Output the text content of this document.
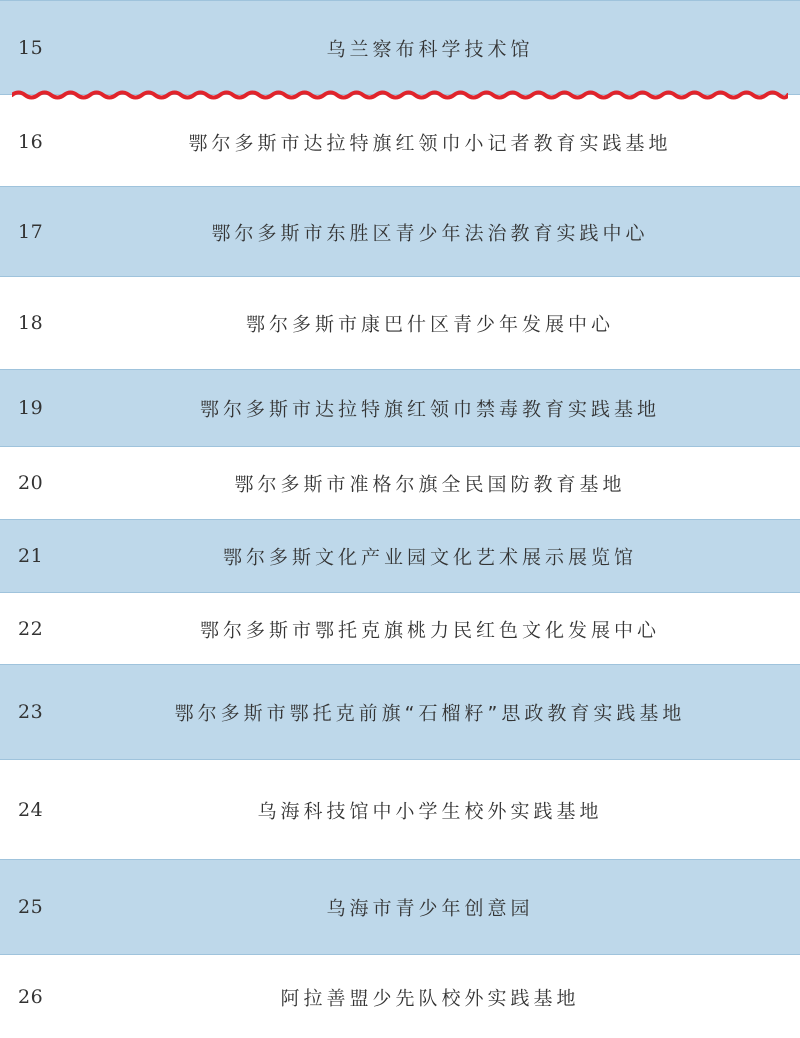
15	乌兰察布科学技术馆
16	鄂尔多斯市达拉特旗红领巾小记者教育实践基地
17	鄂尔多斯市东胜区青少年法治教育实践中心
18	鄂尔多斯市康巴什区青少年发展中心
19	鄂尔多斯市达拉特旗红领巾禁毒教育实践基地
20	鄂尔多斯市准格尔旗全民国防教育基地
21	鄂尔多斯文化产业园文化艺术展示展览馆
22	鄂尔多斯市鄂托克旗桃力民红色文化发展中心
23	鄂尔多斯市鄂托克前旗“石榴籽”思政教育实践基地
24	乌海科技馆中小学生校外实践基地
25	乌海市青少年创意园
26	阿拉善盟少先队校外实践基地
